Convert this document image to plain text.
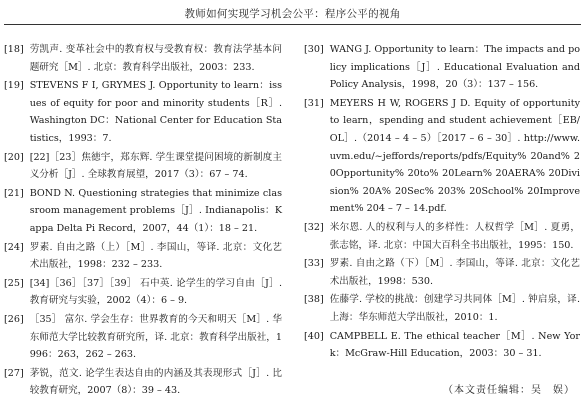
教师如何实现学习机会公平：程序公平的视角
[18] 劳凯声. 变革社会中的教育权与受教育权：教育法学基本问题研究［M］. 北京：教育科学出版社，2003：233.
[19] STEVENS F I, GRYMES J. Opportunity to learn：issues of equity for poor and minority students［R］. Washington DC：National Center for Education Statistics，1993：7.
[20] [22]［23］焦徳宇，郑东辉. 学生课堂提问困境的新制度主义分析［J］. 全球教育展望，2017（3）：67 – 74.
[21] BOND N. Questioning strategies that minimize classroom management problems［J］. Indianapolis：Kappa Delta Pi Record，2007，44（1）：18 – 21.
[24] 罗素. 自由之路（上）［M］. 李国山，等译. 北京：文化艺术出版社，1998：232 – 233.
[25] [34]［36］［37］［39］ 石中英. 论学生的学习自由［J］. 教育研究与实验，2002（4）：6 – 9.
[26] ［35］ 富尔. 学会生存：世界教育的今天和明天［M］. 华东师范大学比较教育研究所，译. 北京：教育科学出版社，1996：263，262 – 263.
[27] 茅锐，范文. 论学生表达自由的内涵及其表现形式［J］. 比较教育研究，2007（8）：39 – 43.
[30] WANG J. Opportunity to learn：The impacts and policy implications［J］. Educational Evaluation and Policy Analysis，1998，20（3）：137 – 156.
[31] MEYERS H W, ROGERS J D. Equity of opportunity to learn，spending and student achievement［EB/OL］.（2014 – 4 – 5）［2017 – 6 – 30］. http://www.uvm.edu/~jeffords/reports/pdfs/Equity% 20and% 20Opportunity% 20to% 20Learn% 20AERA% 20Division% 20A% 20Sec% 203% 20School% 20Improvement% 204 – 7 – 14.pdf.
[32] 米尔恩. 人的权利与人的多样性：人权哲学［M］. 夏勇，张志铭，译. 北京：中国大百科全书出版社，1995：150.
[33] 罗素. 自由之路（下）［M］. 李国山，等译. 北京：文化艺术出版社，1998：530.
[38] 佐藤学. 学校的挑战：创建学习共同体［M］. 钟启泉，译. 上海：华东师范大学出版社，2010：1.
[40] CAMPBELL E. The ethical teacher［M］. New York：McGraw-Hill Education，2003：30 – 31.
（本文责任编辑：吴　娱）
